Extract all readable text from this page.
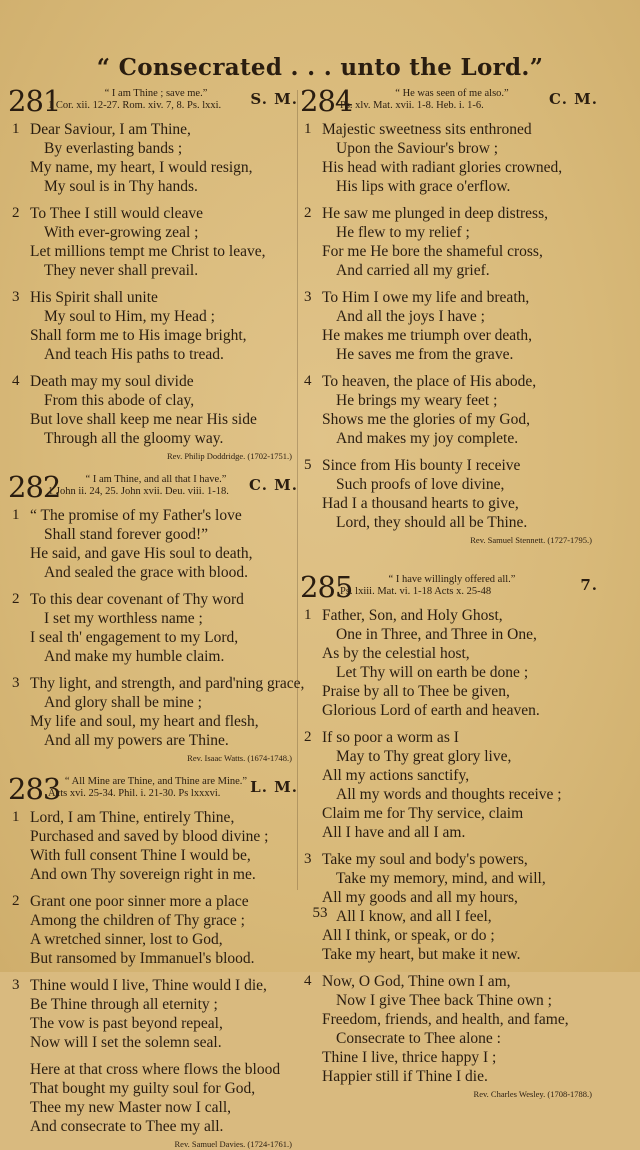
“ Consecrated . . . unto the Lord.”
281	“ I am Thine ; save me.”
1 Cor. xii. 12-27. Rom. xiv. 7, 8. Ps. lxxi.	S. M.
1 Dear Saviour, I am Thine,
By everlasting bands ;
My name, my heart, I would resign,
My soul is in Thy hands.
2 To Thee I still would cleave
With ever-growing zeal ;
Let millions tempt me Christ to leave,
They never shall prevail.
3 His Spirit shall unite
My soul to Him, my Head ;
Shall form me to His image bright,
And teach His paths to tread.
4 Death may my soul divide
From this abode of clay,
But love shall keep me near His side
Through all the gloomy way.
Rev. Philip Doddridge. (1702-1751.)
282	“ I am Thine, and all that I have.”
1 John ii. 24, 25. John xvii. Deu. viii. 1-18.	C. M.
1 “ The promise of my Father's love
Shall stand forever good!”
He said, and gave His soul to death,
And sealed the grace with blood.
2 To this dear covenant of Thy word
I set my worthless name ;
I seal th' engagement to my Lord,
And make my humble claim.
3 Thy light, and strength, and pard'ning grace,
And glory shall be mine ;
My life and soul, my heart and flesh,
And all my powers are Thine.
Rev. Isaac Watts. (1674-1748.)
283 “ All Mine are Thine, and Thine are Mine.”
Acts xvi. 25-34. Phil. i. 21-30. Ps lxxxvi.	L. M.
1 Lord, I am Thine, entirely Thine,
Purchased and saved by blood divine ;
With full consent Thine I would be,
And own Thy sovereign right in me.
2 Grant one poor sinner more a place
Among the children of Thy grace ;
A wretched sinner, lost to God,
But ransomed by Immanuel's blood.
3 Thine would I live, Thine would I die,
Be Thine through all eternity ;
The vow is past beyond repeal,
Now will I set the solemn seal.
Here at that cross where flows the blood
That bought my guilty soul for God,
Thee my new Master now I call,
And consecrate to Thee my all.
Rev. Samuel Davies. (1724-1761.)
284	“ He was seen of me also.”
Ps. xlv. Mat. xvii. 1-8. Heb. i. 1-6.	C. M.
1 Majestic sweetness sits enthroned
Upon the Saviour's brow ;
His head with radiant glories crowned,
His lips with grace o'erflow.
2 He saw me plunged in deep distress,
He flew to my relief ;
For me He bore the shameful cross,
And carried all my grief.
3 To Him I owe my life and breath,
And all the joys I have ;
He makes me triumph over death,
He saves me from the grave.
4 To heaven, the place of His abode,
He brings my weary feet ;
Shows me the glories of my God,
And makes my joy complete.
5 Since from His bounty I receive
Such proofs of love divine,
Had I a thousand hearts to give,
Lord, they should all be Thine.
Rev. Samuel Stennett. (1727-1795.)
285	“ I have willingly offered all.”
Ps. lxiii. Mat. vi. 1-18 Acts x. 25-48	7.
1 Father, Son, and Holy Ghost,
One in Three, and Three in One,
As by the celestial host,
Let Thy will on earth be done ;
Praise by all to Thee be given,
Glorious Lord of earth and heaven.
2 If so poor a worm as I
May to Thy great glory live,
All my actions sanctify,
All my words and thoughts receive ;
Claim me for Thy service, claim
All I have and all I am.
3 Take my soul and body's powers,
Take my memory, mind, and will,
All my goods and all my hours,
All I know, and all I feel,
All I think, or speak, or do ;
Take my heart, but make it new.
4 Now, O God, Thine own I am,
Now I give Thee back Thine own ;
Freedom, friends, and health, and fame,
Consecrate to Thee alone :
Thine I live, thrice happy I ;
Happier still if Thine I die.
Rev. Charles Wesley. (1708-1788.)
53
